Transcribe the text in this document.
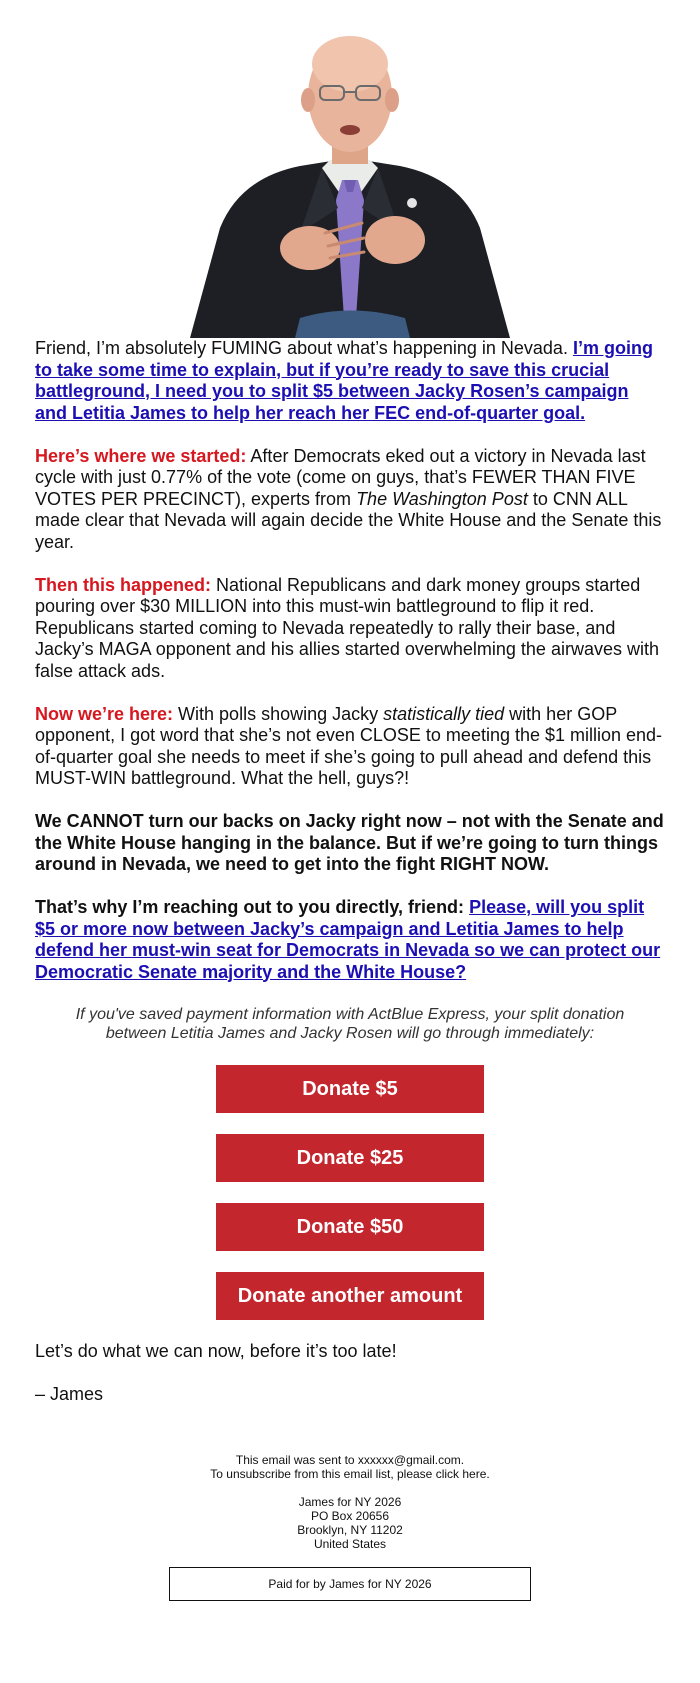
Friend, I’m absolutely FUMING about what’s happening in Nevada. I’m going to take some time to explain, but if you’re ready to save this crucial battleground, I need you to split $5 between Jacky Rosen’s campaign and Letitia James to help her reach her FEC end-of-quarter goal.

Here’s where we started: After Democrats eked out a victory in Nevada last cycle with just 0.77% of the vote (come on guys, that’s FEWER THAN FIVE VOTES PER PRECINCT), experts from The Washington Post to CNN ALL made clear that Nevada will again decide the White House and the Senate this year.

Then this happened: National Republicans and dark money groups started pouring over $30 MILLION into this must-win battleground to flip it red. Republicans started coming to Nevada repeatedly to rally their base, and Jacky’s MAGA opponent and his allies started overwhelming the airwaves with false attack ads.

Now we’re here: With polls showing Jacky statistically tied with her GOP opponent, I got word that she’s not even CLOSE to meeting the $1 million end-of-quarter goal she needs to meet if she’s going to pull ahead and defend this MUST-WIN battleground. What the hell, guys?!

We CANNOT turn our backs on Jacky right now – not with the Senate and the White House hanging in the balance. But if we’re going to turn things around in Nevada, we need to get into the fight RIGHT NOW.

That’s why I’m reaching out to you directly, friend: Please, will you split $5 or more now between Jacky’s campaign and Letitia James to help defend her must-win seat for Democrats in Nevada so we can protect our Democratic Senate majority and the White House?

If you've saved payment information with ActBlue Express, your split donation between Letitia James and Jacky Rosen will go through immediately:
Donate $5
Donate $25
Donate $50
Donate another amount

Let’s do what we can now, before it’s too late!

– James

This email was sent to xxxxxx@gmail.com.
To unsubscribe from this email list, please click here.

James for NY 2026
PO Box 20656
Brooklyn, NY 11202
United States

Paid for by James for NY 2026
